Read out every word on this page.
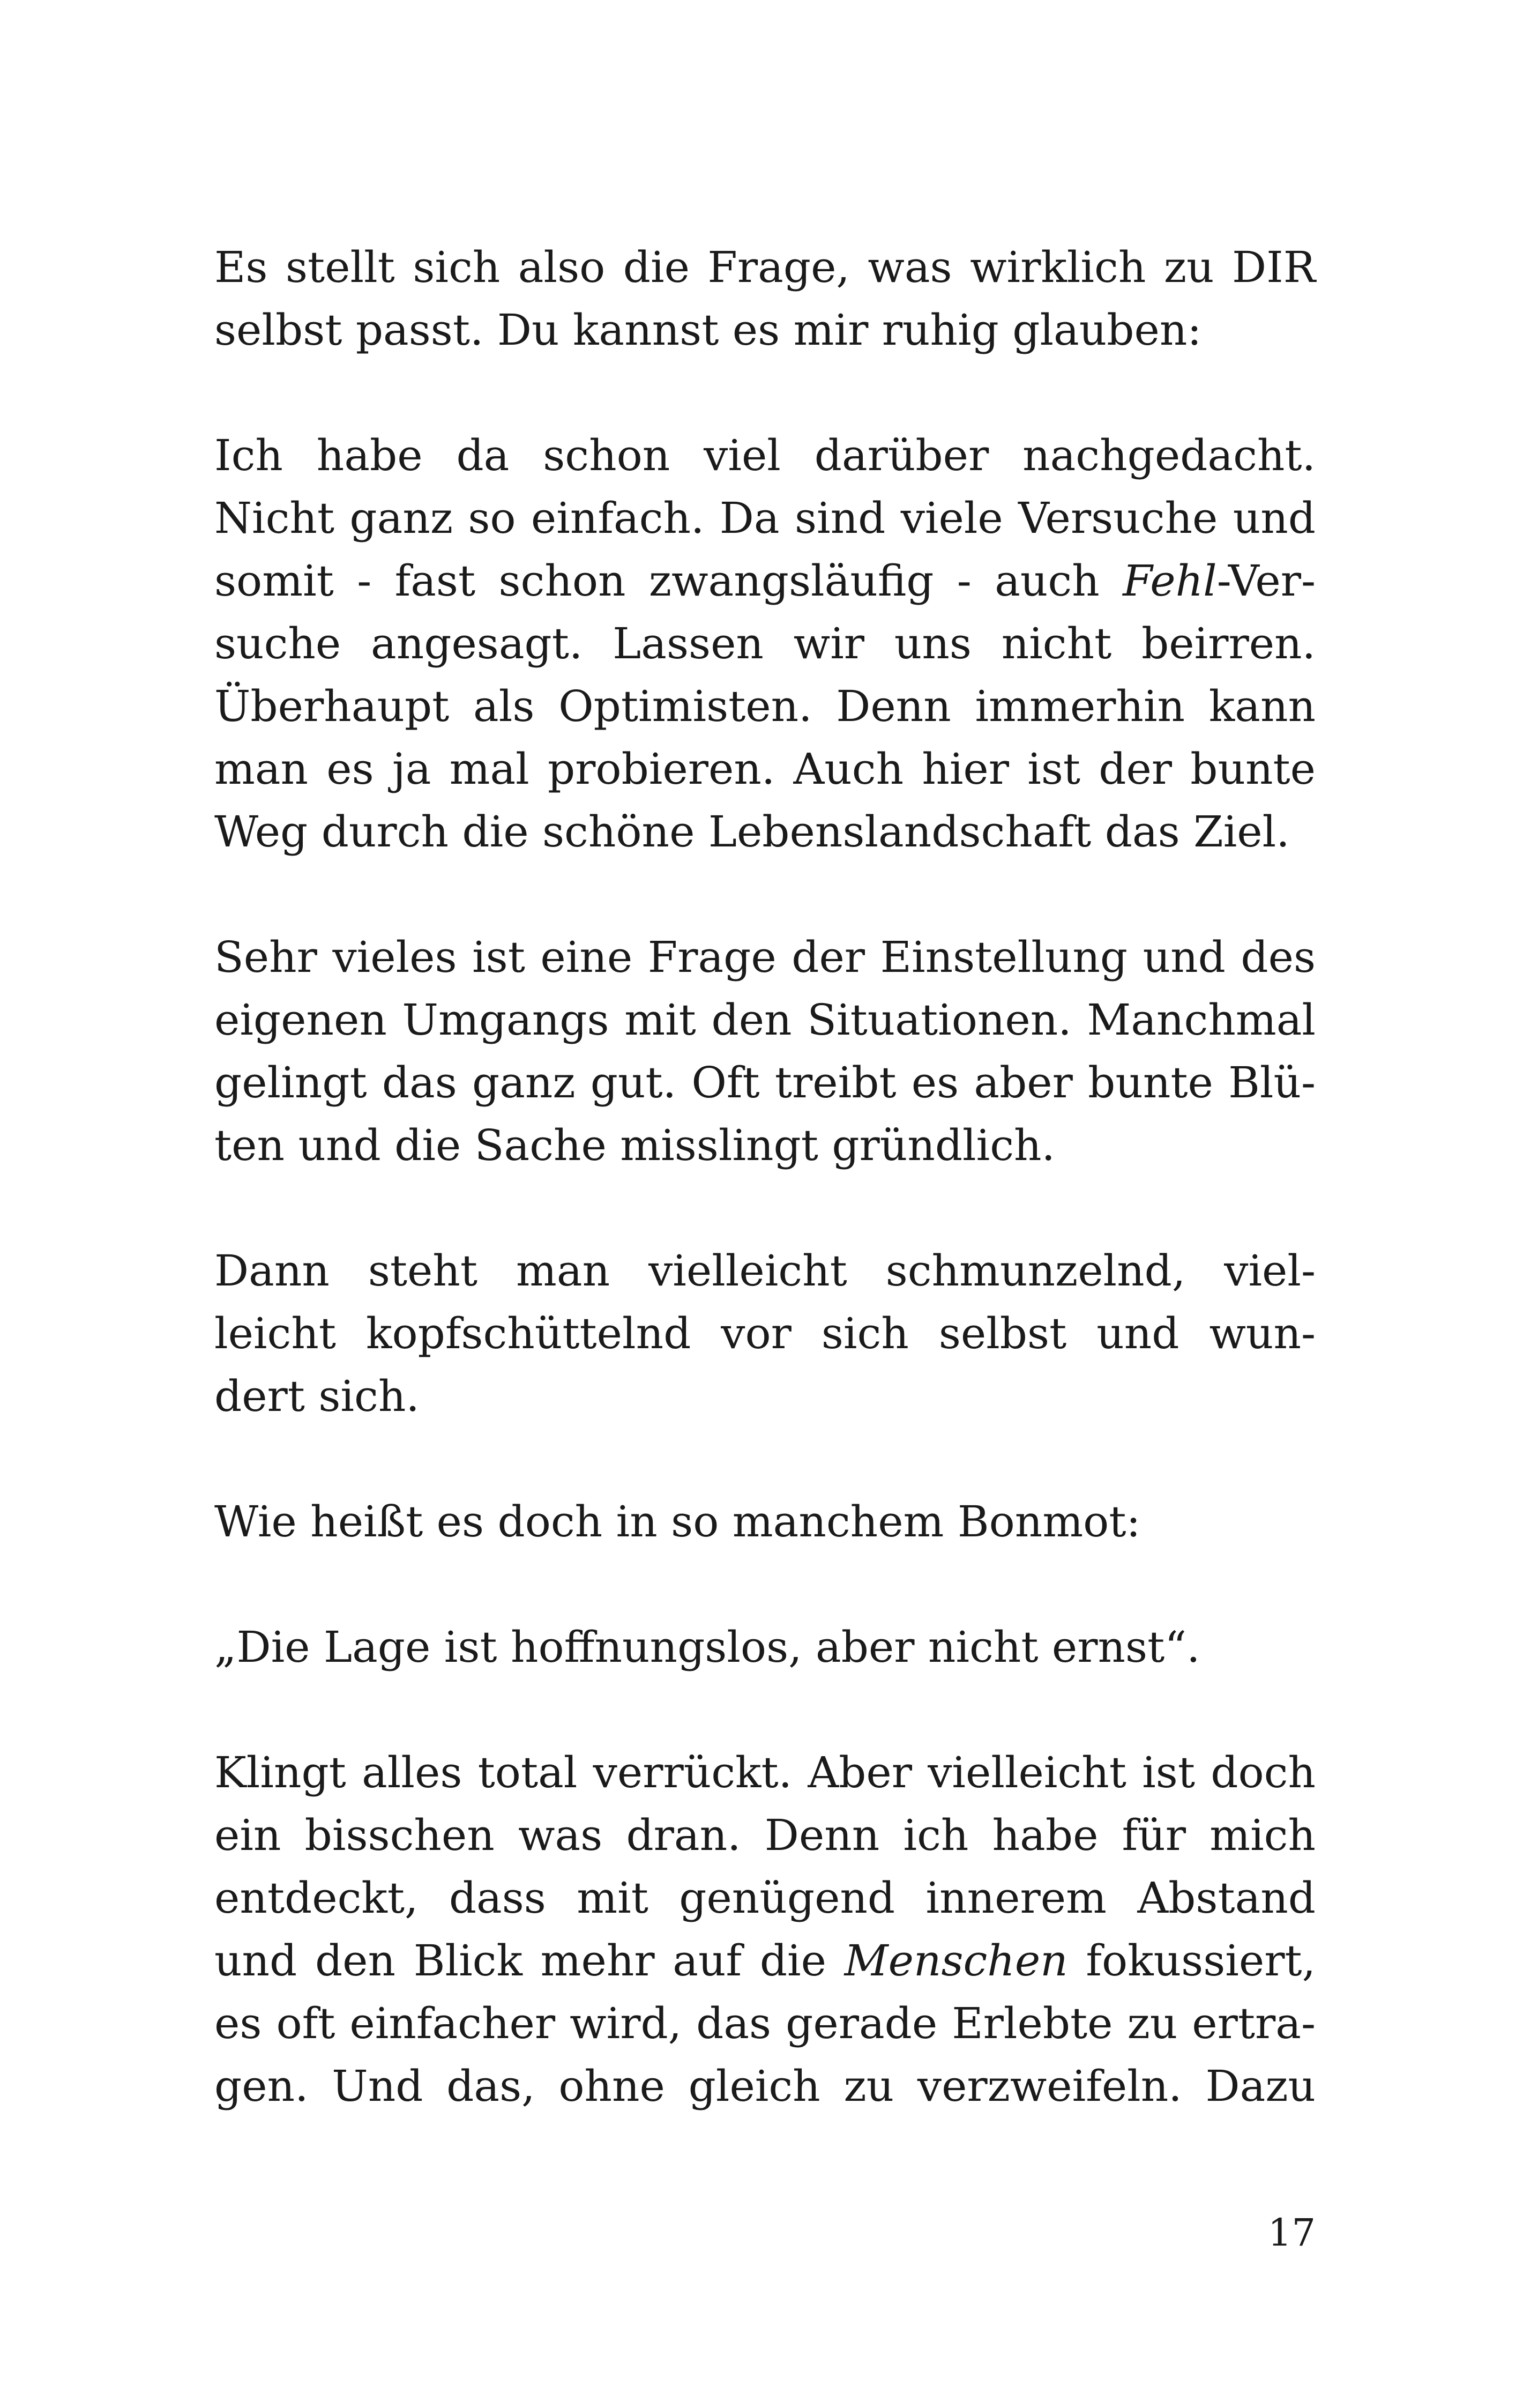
Es stellt sich also die Frage, was wirklich zu DIR
selbst passt. Du kannst es mir ruhig glauben:
Ich habe da schon viel darüber nachgedacht.
Nicht ganz so einfach. Da sind viele Versuche und
somit - fast schon zwangsläufig - auch Fehl-Ver-
suche angesagt. Lassen wir uns nicht beirren.
Überhaupt als Optimisten. Denn immerhin kann
man es ja mal probieren. Auch hier ist der bunte
Weg durch die schöne Lebenslandschaft das Ziel.
Sehr vieles ist eine Frage der Einstellung und des
eigenen Umgangs mit den Situationen. Manchmal
gelingt das ganz gut. Oft treibt es aber bunte Blü-
ten und die Sache misslingt gründlich.
Dann steht man vielleicht schmunzelnd, viel-
leicht kopfschüttelnd vor sich selbst und wun-
dert sich.
Wie heißt es doch in so manchem Bonmot:
„Die Lage ist hoffnungslos, aber nicht ernst“.
Klingt alles total verrückt. Aber vielleicht ist doch
ein bisschen was dran. Denn ich habe für mich
entdeckt, dass mit genügend innerem Abstand
und den Blick mehr auf die Menschen fokussiert,
es oft einfacher wird, das gerade Erlebte zu ertra-
gen. Und das, ohne gleich zu verzweifeln. Dazu
17
